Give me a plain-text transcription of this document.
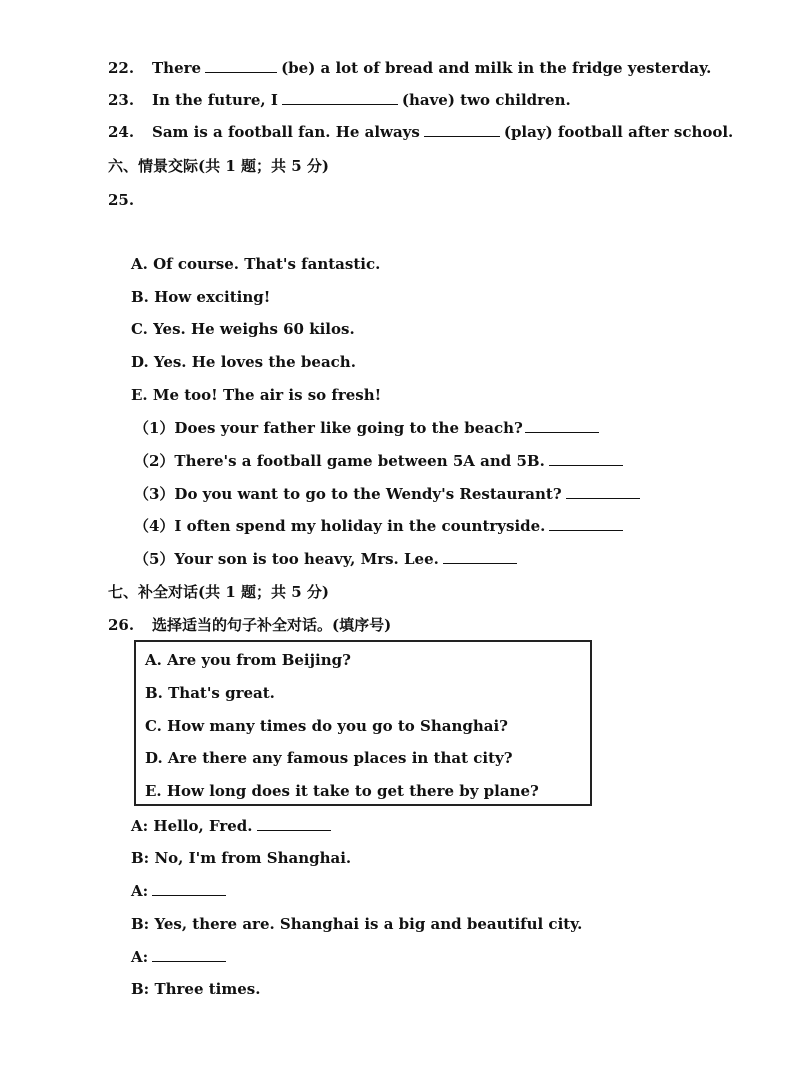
22. There	(be) a lot of bread and milk in the fridge yesterday.
23. In the future, I	(have) two children.
24. Sam is a football fan. He always	(play) football after school.
六、情景交际(共 1 题；共 5 分)
25.
A. Of course. That's fantastic.
B. How exciting!
C. Yes. He weighs 60 kilos.
D. Yes. He loves the beach.
E. Me too! The air is so fresh!
（1）Does your father like going to the beach?
（2）There's a football game between 5A and 5B.
（3）Do you want to go to the Wendy's Restaurant?
（4）I often spend my holiday in the countryside.
（5）Your son is too heavy, Mrs. Lee.
七、补全对话(共 1 题；共 5 分)
26. 选择适当的句子补全对话。(填序号)
A. Are you from Beijing?
B. That's great.
C. How many times do you go to Shanghai?
D. Are there any famous places in that city?
E. How long does it take to get there by plane?
A: Hello, Fred.
B: No, I'm from Shanghai.
A:
B: Yes, there are. Shanghai is a big and beautiful city.
A:
B: Three times.
